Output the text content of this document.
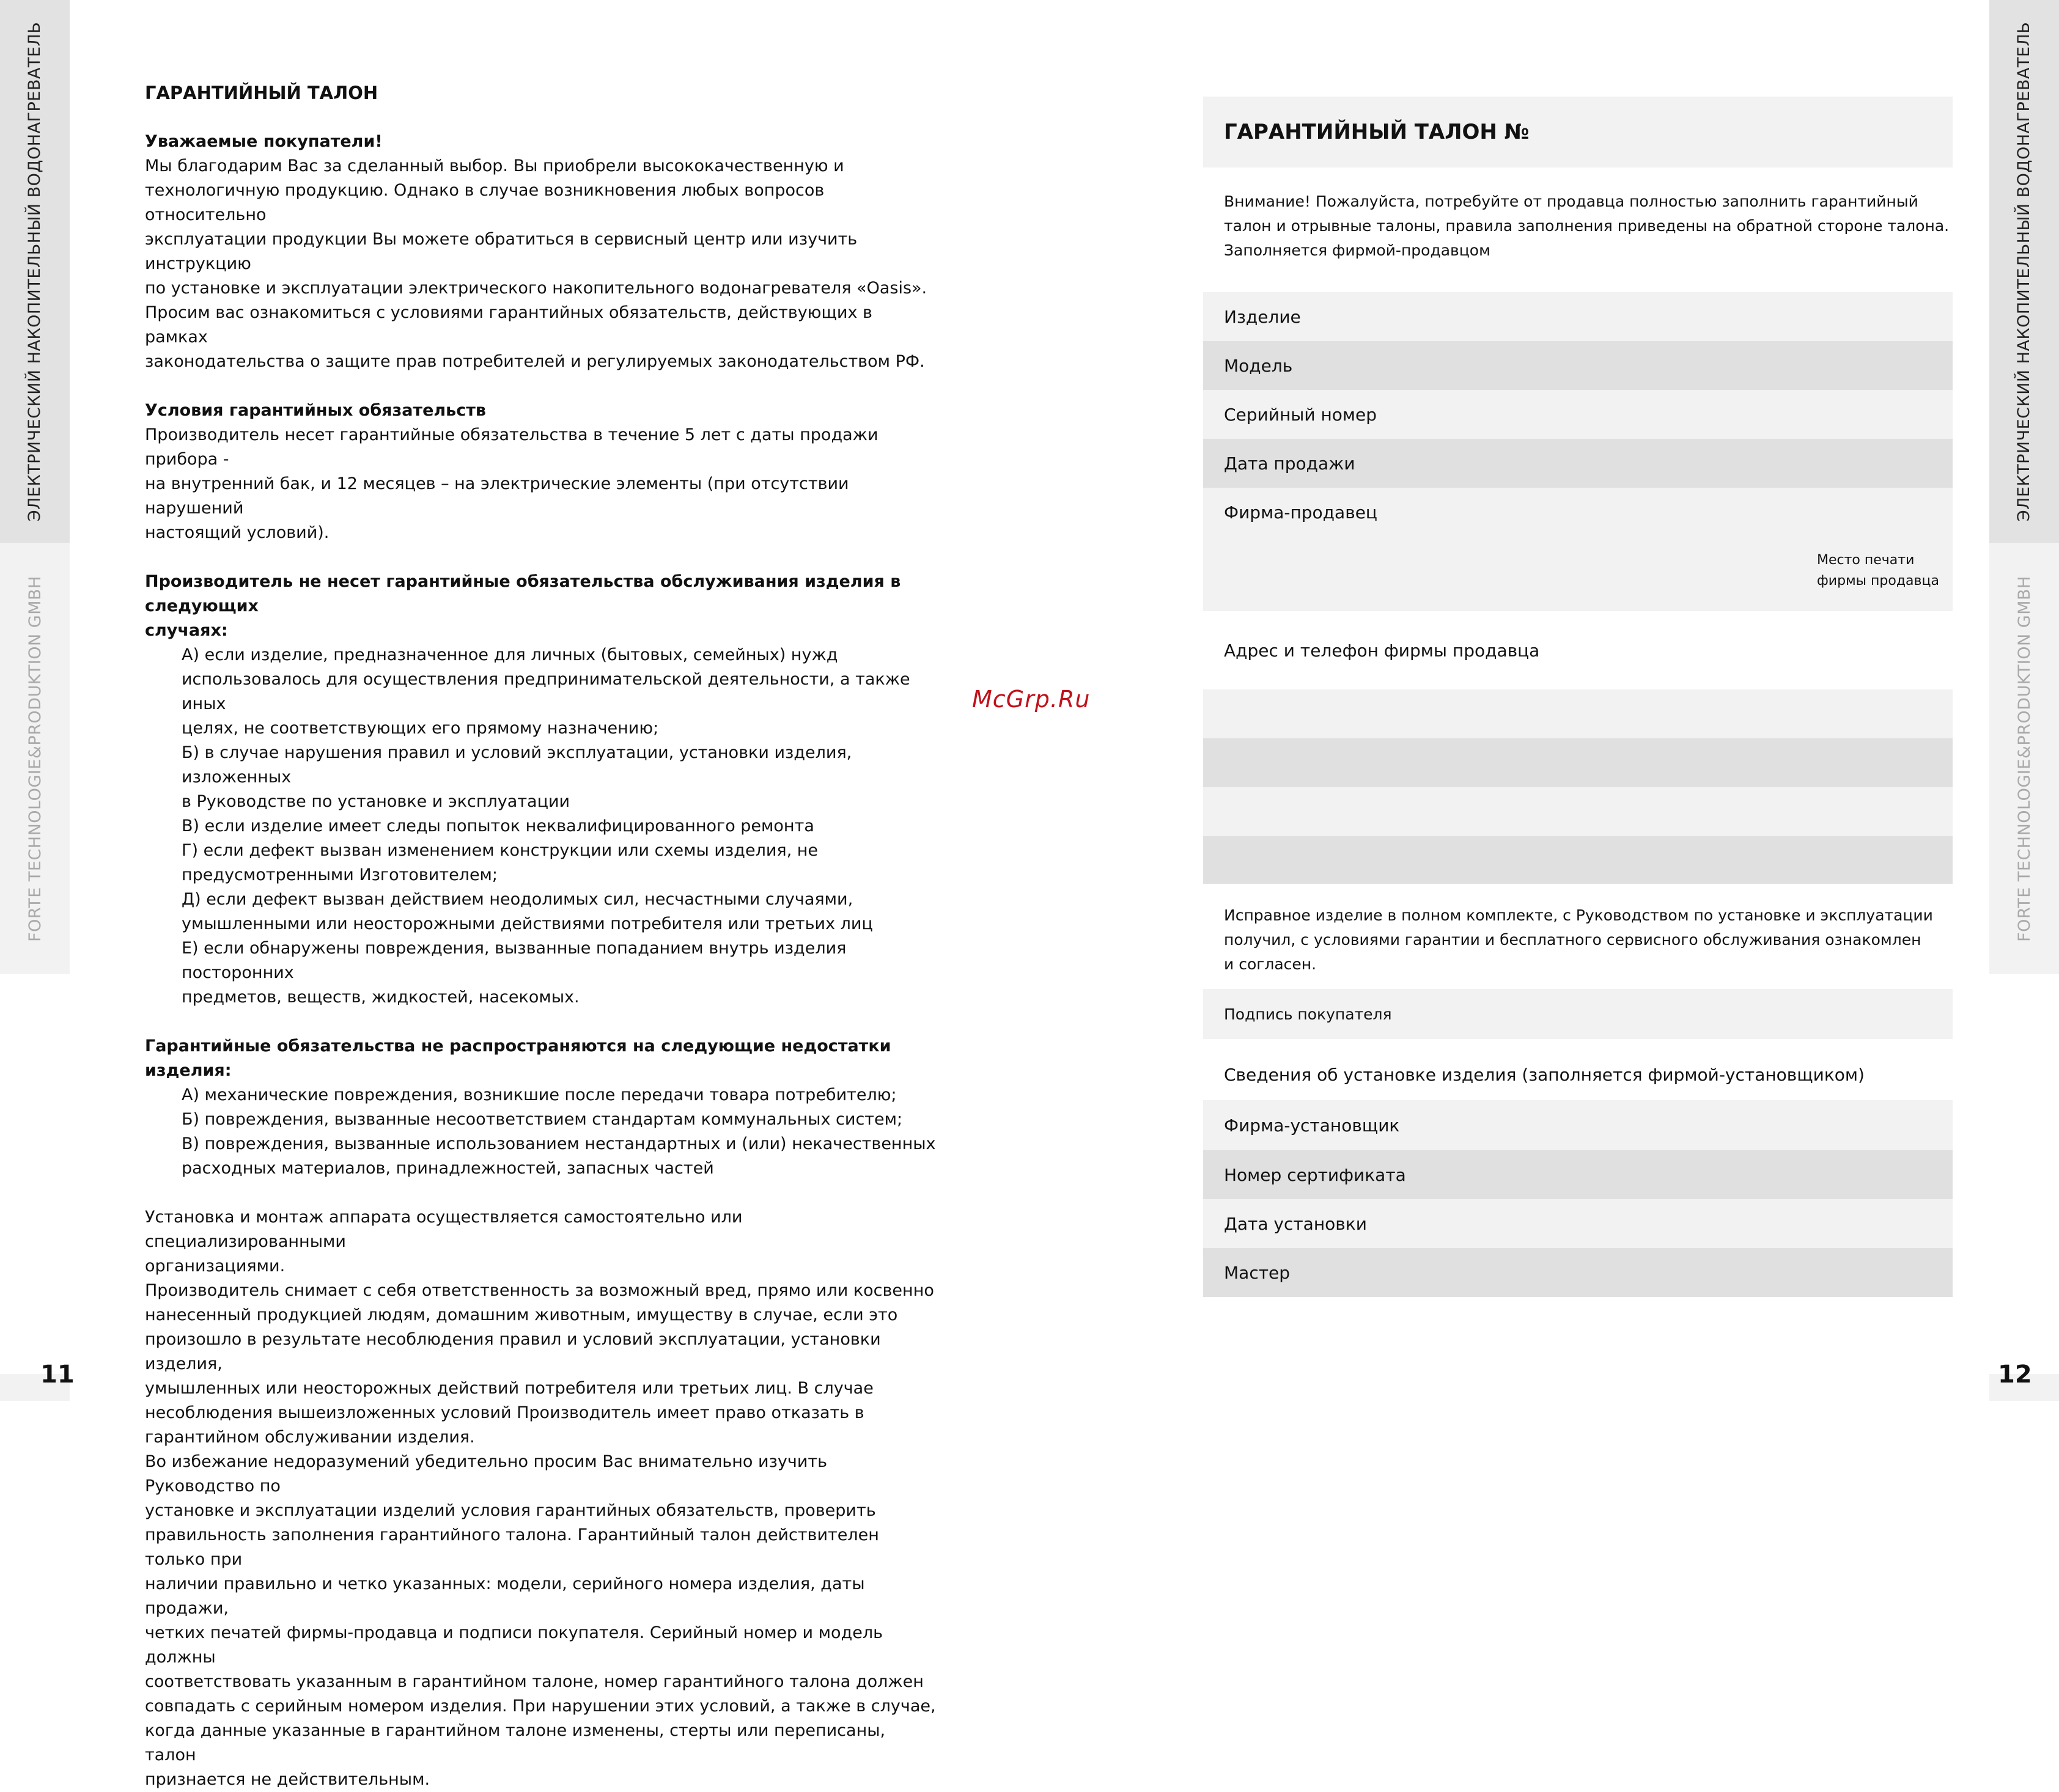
ЭЛЕКТРИЧЕСКИЙ НАКОПИТЕЛЬНЫЙ ВОДОНАГРЕВАТЕЛЬ
FORTE TECHNOLOGIE&PRODUKTION GMBH
ЭЛЕКТРИЧЕСКИЙ НАКОПИТЕЛЬНЫЙ ВОДОНАГРЕВАТЕЛЬ
FORTE TECHNOLOGIE&PRODUKTION GMBH
11	12
ГАРАНТИЙНЫЙ ТАЛОН

Уважаемые покупатели!

Мы благодарим Вас за сделанный выбор. Вы приобрели высококачественную и

технологичную продукцию. Однако в случае возникновения любых вопросов относительно

эксплуатации продукции Вы можете обратиться в сервисный центр или изучить инструкцию

по установке и эксплуатации электрического накопительного водонагревателя «Oasis».

Просим вас ознакомиться с условиями гарантийных обязательств, действующих в рамках

законодательства о защите прав потребителей и регулируемых законодательством РФ.

Условия гарантийных обязательств

Производитель несет гарантийные обязательства в течение 5 лет с даты продажи прибора -

на внутренний бак, и 12 месяцев – на электрические элементы (при отсутствии нарушений

настоящий условий).

Производитель не несет гарантийные обязательства обслуживания изделия в следующих

случаях:

А) если изделие, предназначенное для личных (бытовых, семейных) нужд

использовалось для осуществления предпринимательской деятельности, а также иных

целях, не соответствующих его прямому назначению;

Б) в случае нарушения правил и условий эксплуатации, установки изделия, изложенных

в Руководстве по установке и эксплуатации

В) если изделие имеет следы попыток неквалифицированного ремонта

Г) если дефект вызван изменением конструкции или схемы изделия, не

предусмотренными Изготовителем;

Д) если дефект вызван действием неодолимых сил, несчастными случаями,

умышленными или неосторожными действиями потребителя или третьих лиц

Е) если обнаружены повреждения, вызванные попаданием внутрь изделия посторонних

предметов, веществ, жидкостей, насекомых.

Гарантийные обязательства не распространяются на следующие недостатки изделия:

А) механические повреждения, возникшие после передачи товара потребителю;

Б) повреждения, вызванные несоответствием стандартам коммунальных систем;

В) повреждения, вызванные использованием нестандартных и (или) некачественных

расходных материалов, принадлежностей, запасных частей

Установка и монтаж аппарата осуществляется самостоятельно или специализированными

организациями.

Производитель снимает с себя ответственность за возможный вред, прямо или косвенно

нанесенный продукцией людям, домашним животным, имуществу в случае, если это

произошло в результате несоблюдения правил и условий эксплуатации, установки изделия,

умышленных или неосторожных действий потребителя или третьих лиц. В случае

несоблюдения вышеизложенных условий Производитель имеет право отказать в

гарантийном обслуживании изделия.

Во избежание недоразумений убедительно просим Вас внимательно изучить Руководство по

установке и эксплуатации изделий условия гарантийных обязательств, проверить

правильность заполнения гарантийного талона. Гарантийный талон действителен только при

наличии правильно и четко указанных: модели, серийного номера изделия, даты продажи,

четких печатей фирмы-продавца и подписи покупателя. Серийный номер и модель должны

соответствовать указанным в гарантийном талоне, номер гарантийного талона должен

совпадать с серийным номером изделия. При нарушении этих условий, а также в случае,

когда данные указанные в гарантийном талоне изменены, стерты или переписаны, талон

признается не действительным.

McGrp.Ru
ГАРАНТИЙНЫЙ ТАЛОН №
Внимание! Пожалуйста, потребуйте от продавца полностью заполнить гарантийный
талон и отрывные талоны, правила заполнения приведены на обратной стороне талона.
Заполняется фирмой-продавцом
Изделие
Модель
Серийный номер
Дата продажи
Фирма-продавец
Место печати
фирмы продавца
Адрес и телефон фирмы продавца
Исправное изделие в полном комплекте, с Руководством по установке и эксплуатации
получил, с условиями гарантии и бесплатного сервисного обслуживания ознакомлен
и согласен.
Подпись покупателя
Сведения об установке изделия (заполняется фирмой-установщиком)
Фирма-установщик
Номер сертификата
Дата установки
Мастер
